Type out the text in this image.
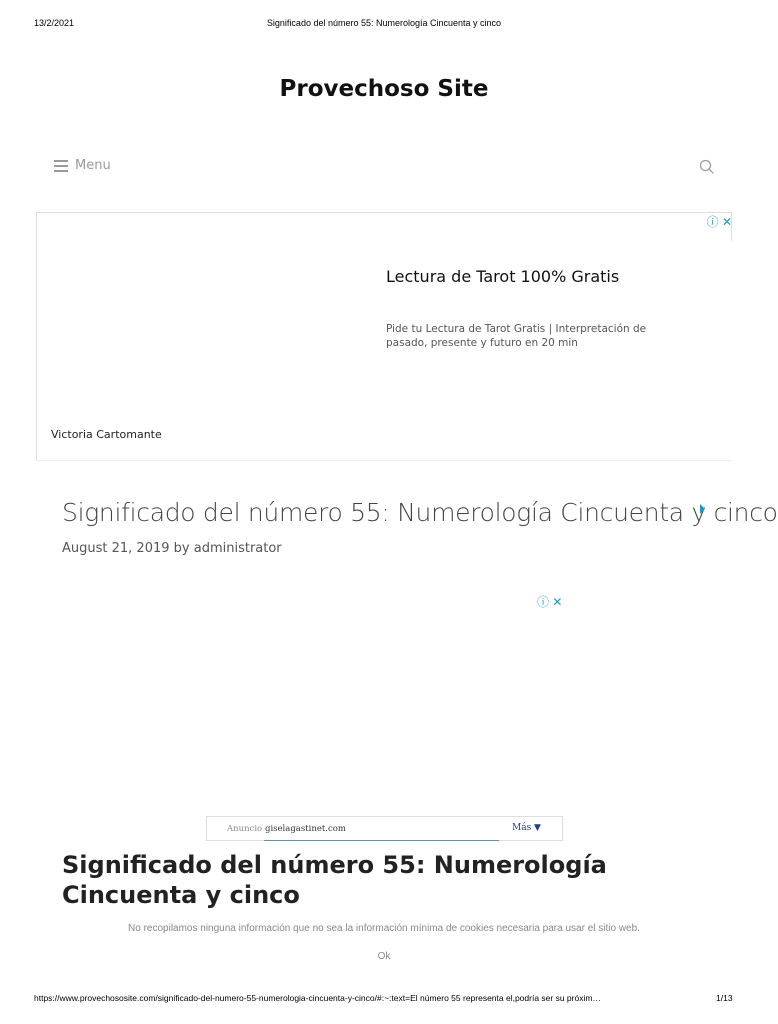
13/2/2021	Significado del número 55: Numerología Cincuenta y cinco
Provechoso Site
Menu
ⓘ ✕
Lectura de Tarot 100% Gratis
Pide tu Lectura de Tarot Gratis | Interpretación de
pasado, presente y futuro en 20 min
Victoria Cartomante
Significado del número 55: Numerología Cincuenta y cinco
August 21, 2019 by administrator
ⓘ ✕
Anuncio giselagastinet.com	Más ▼
Significado del número 55: Numerología Cincuenta y cinco
No recopilamos ninguna información que no sea la información mínima de cookies necesaria para usar el sitio web.
Ok
https://www.provechososite.com/significado-del-numero-55-numerologia-cincuenta-y-cinco/#:~:text=El número 55 representa el,podría ser su próxim…	1/13
